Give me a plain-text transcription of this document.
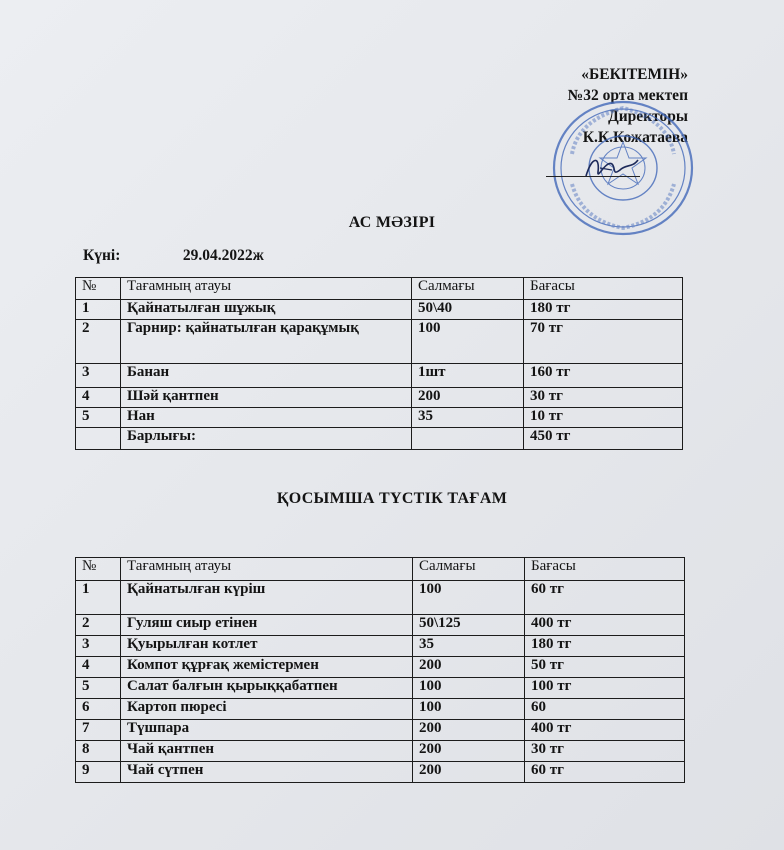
«БЕКІТЕМІН»
№32 орта мектеп
Директоры
К.К.Кожатаева
АС МӘЗІРІ
Күні:	29.04.2022ж
№	Тағамның атауы	Салмағы	Бағасы
1	Қайнатылған шұжық	50\40	180 тг
2	Гарнир: қайнатылған қарақұмық	100	70 тг
3	Банан	1шт	160 тг
4	Шәй қантпен	200	30 тг
5	Нан	35	10 тг
	Барлығы:		450 тг
ҚОСЫМША ТҮСТІК ТАҒАМ
№	Тағамның атауы	Салмағы	Бағасы
1	Қайнатылған күріш	100	60 тг
2	Гуляш сиыр етінен	50\125	400 тг
3	Қуырылған котлет	35	180 тг
4	Компот құрғақ жемістермен	200	50 тг
5	Салат балғын қырыққабатпен	100	100 тг
6	Картоп пюресі	100	60
7	Түшпара	200	400 тг
8	Чай қантпен	200	30 тг
9	Чай сүтпен	200	60 тг
